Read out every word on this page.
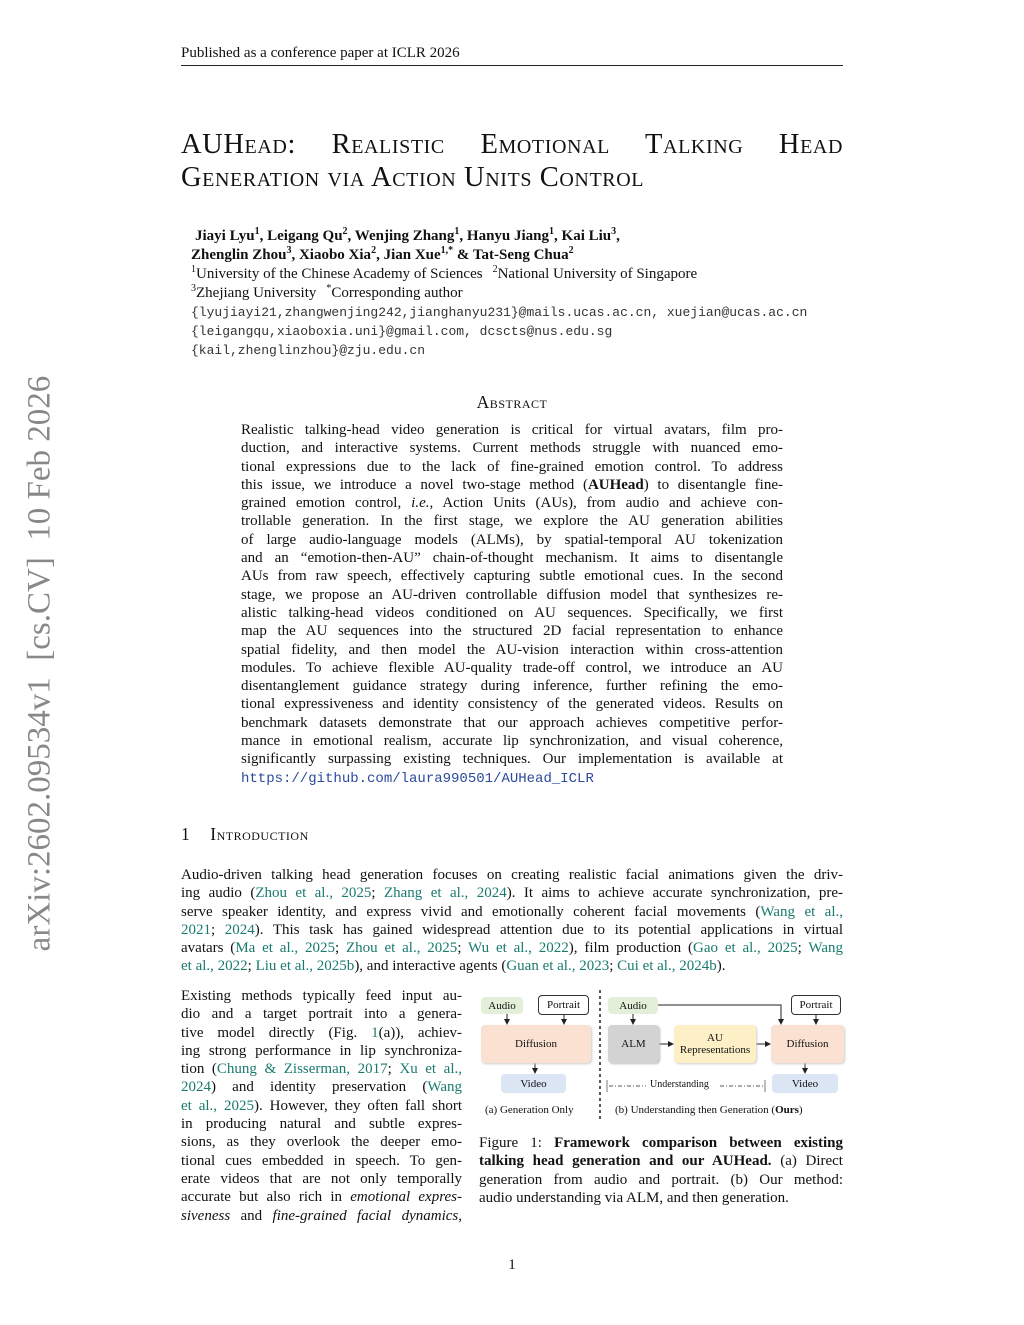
Published as a conference paper at ICLR 2026
arXiv:2602.09534v1  [cs.CV]  10 Feb 2026
AUHead: Realistic Emotional Talking Head
Generation via Action Units Control
Jiayi Lyu$^1$, Leigang Qu$^2$, Wenjing Zhang$^1$, Hanyu Jiang$^1$, Kai Liu$^3$,
Zhenglin Zhou$^3$, Xiaobo Xia$^2$, Jian Xue$^{1,*}$ & Tat-Seng Chua$^2$
$^1$University of the Chinese Academy of Sciences    $^2$National University of Singapore
$^3$Zhejiang University    *Corresponding author
{lyujiayi21,zhangwenjing242,jianghanyu231}@mails.ucas.ac.cn, xuejian@ucas.ac.cn
{leigangqu,xiaoboxia.uni}@gmail.com, dcscts@nus.edu.sg
{kail,zhenglinzhou}@zju.edu.cn
Abstract
Realistic talking-head video generation is critical for virtual avatars, film pro-
duction, and interactive systems. Current methods struggle with nuanced emo-
tional expressions due to the lack of fine-grained emotion control. To address
this issue, we introduce a novel two-stage method (AUHead) to disentangle fine-
grained emotion control, i.e., Action Units (AUs), from audio and achieve con-
trollable generation. In the first stage, we explore the AU generation abilities
of large audio-language models (ALMs), by spatial-temporal AU tokenization
and an “emotion-then-AU” chain-of-thought mechanism. It aims to disentangle
AUs from raw speech, effectively capturing subtle emotional cues. In the second
stage, we propose an AU-driven controllable diffusion model that synthesizes re-
alistic talking-head videos conditioned on AU sequences. Specifically, we first
map the AU sequences into the structured 2D facial representation to enhance
spatial fidelity, and then model the AU-vision interaction within cross-attention
modules. To achieve flexible AU-quality trade-off control, we introduce an AU
disentanglement guidance strategy during inference, further refining the emo-
tional expressiveness and identity consistency of the generated videos. Results on
benchmark datasets demonstrate that our approach achieves competitive perfor-
mance in emotional realism, accurate lip synchronization, and visual coherence,
significantly surpassing existing techniques. Our implementation is available at
https://github.com/laura990501/AUHead_ICLR
1 Introduction
Audio-driven talking head generation focuses on creating realistic facial animations given the driv-
ing audio (Zhou et al., 2025; Zhang et al., 2024). It aims to achieve accurate synchronization, pre-
serve speaker identity, and express vivid and emotionally coherent facial movements (Wang et al.,
2021; 2024). This task has gained widespread attention due to its potential applications in virtual
avatars (Ma et al., 2025; Zhou et al., 2025; Wu et al., 2022), film production (Gao et al., 2025; Wang
et al., 2022; Liu et al., 2025b), and interactive agents (Guan et al., 2023; Cui et al., 2024b).
Existing methods typically feed input au-
dio and a target portrait into a genera-
tive model directly (Fig. 1(a)), achiev-
ing strong performance in lip synchroniza-
tion (Chung & Zisserman, 2017; Xu et al.,
2024) and identity preservation (Wang
et al., 2025). However, they often fall short
in producing natural and subtle expres-
sions, as they overlook the deeper emo-
tional cues embedded in speech. To gen-
erate videos that are not only temporally
accurate but also rich in emotional expres-
siveness and fine-grained facial dynamics,
Audio	Portrait
Diffusion
Video
(a) Generation Only
Audio
ALM	AU Representations
Portrait
Diffusion
Video
Understanding
(b) Understanding then Generation (Ours)
Figure 1: Framework comparison between existing
talking head generation and our AUHead. (a) Direct
generation from audio and portrait. (b) Our method:
audio understanding via ALM, and then generation.
1
